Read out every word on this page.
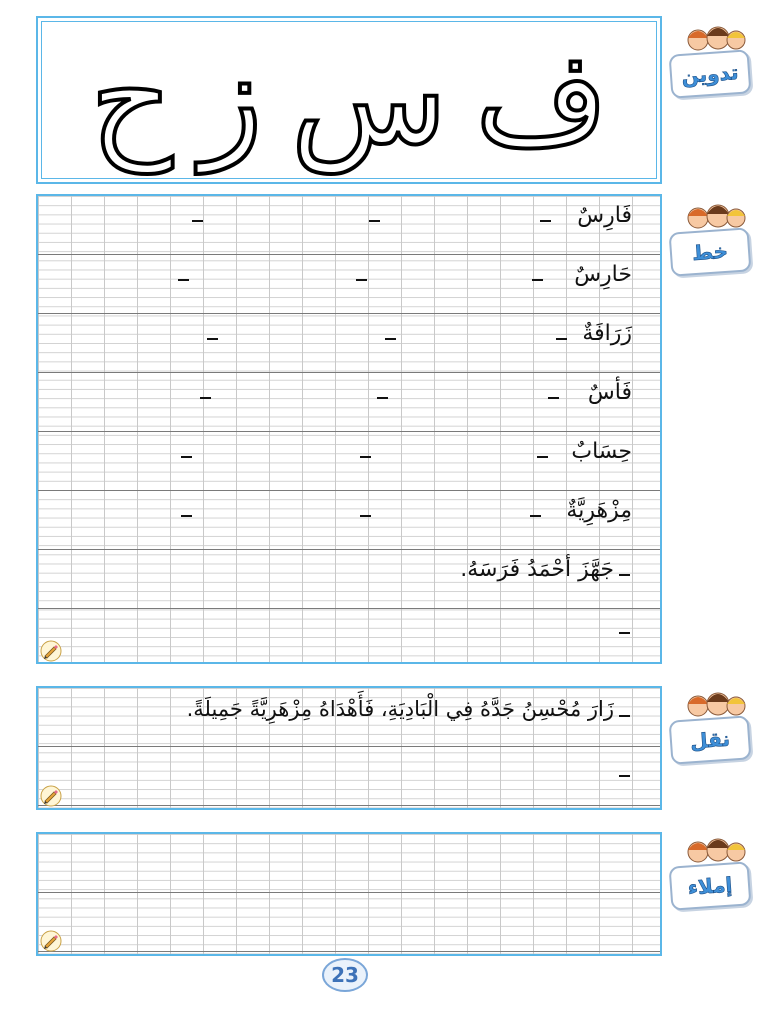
ف
س
ز
ح	تدوين
خط
فَارِسٌ
حَارِسٌ
زَرَافَةٌ
فَأسٌ
حِسَابٌ
مِزْهَرِيَّةٌ
جَهَّزَ أحْمَدُ فَرَسَهُ.
نقل
زَارَ مُحْسِنُ جَدَّهُ فِي الْبَادِيَةِ، فَأَهْدَاهُ مِزْهَرِيَّةً جَمِيلَةً.
إملاء
23
